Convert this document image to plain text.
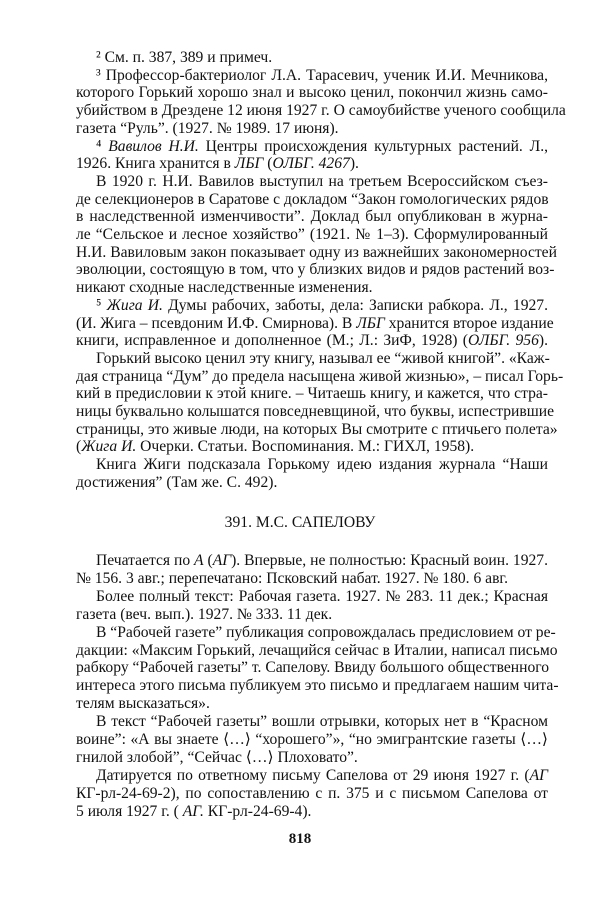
² См. п. 387, 389 и примеч.
³ Профессор-бактериолог Л.А. Тарасевич, ученик И.И. Мечникова,
которого Горький хорошо знал и высоко ценил, покончил жизнь само-
убийством в Дрездене 12 июня 1927 г. О самоубийстве ученого сообщила
газета “Руль”. (1927. № 1989. 17 июня).
⁴ Вавилов Н.И. Центры происхождения культурных растений. Л.,
1926. Книга хранится в ЛБГ (ОЛБГ. 4267).
В 1920 г. Н.И. Вавилов выступил на третьем Всероссийском съез-
де селекционеров в Саратове с докладом “Закон гомологических рядов
в наследственной изменчивости”. Доклад был опубликован в журна-
ле “Сельское и лесное хозяйство” (1921. № 1–3). Сформулированный
Н.И. Вавиловым закон показывает одну из важнейших закономерностей
эволюции, состоящую в том, что у близких видов и рядов растений воз-
никают сходные наследственные изменения.
⁵ Жига И. Думы рабочих, заботы, дела: Записки рабкора. Л., 1927.
(И. Жига – псевдоним И.Ф. Смирнова). В ЛБГ хранится второе издание
книги, исправленное и дополненное (М.; Л.: ЗиФ, 1928) (ОЛБГ. 956).
Горький высоко ценил эту книгу, называл ее “живой книгой”. «Каж-
дая страница “Дум” до предела насыщена живой жизнью», – писал Горь-
кий в предисловии к этой книге. – Читаешь книгу, и кажется, что стра-
ницы буквально колышатся повседневщиной, что буквы, испестрившие
страницы, это живые люди, на которых Вы смотрите с птичьего полета»
(Жига И. Очерки. Статьи. Воспоминания. М.: ГИХЛ, 1958).
Книга Жиги подсказала Горькому идею издания журнала “Наши
достижения” (Там же. С. 492).
391. М.С. САПЕЛОВУ
Печатается по А (АГ). Впервые, не полностью: Красный воин. 1927.
№ 156. 3 авг.; перепечатано: Псковский набат. 1927. № 180. 6 авг.
Более полный текст: Рабочая газета. 1927. № 283. 11 дек.; Красная
газета (веч. вып.). 1927. № 333. 11 дек.
В “Рабочей газете” публикация сопровождалась предисловием от ре-
дакции: «Максим Горький, лечащийся сейчас в Италии, написал письмо
рабкору “Рабочей газеты” т. Сапелову. Ввиду большого общественного
интереса этого письма публикуем это письмо и предлагаем нашим чита-
телям высказаться».
В текст “Рабочей газеты” вошли отрывки, которых нет в “Красном
воине”: «А вы знаете ⟨…⟩ “хорошего”», “но эмигрантские газеты ⟨…⟩
гнилой злобой”, “Сейчас ⟨…⟩ Плоховато”.
Датируется по ответному письму Сапелова от 29 июня 1927 г. (АГ
КГ-рл-24-69-2), по сопоставлению с п. 375 и с письмом Сапелова от
5 июля 1927 г. ( АГ. КГ-рл-24-69-4).
818
